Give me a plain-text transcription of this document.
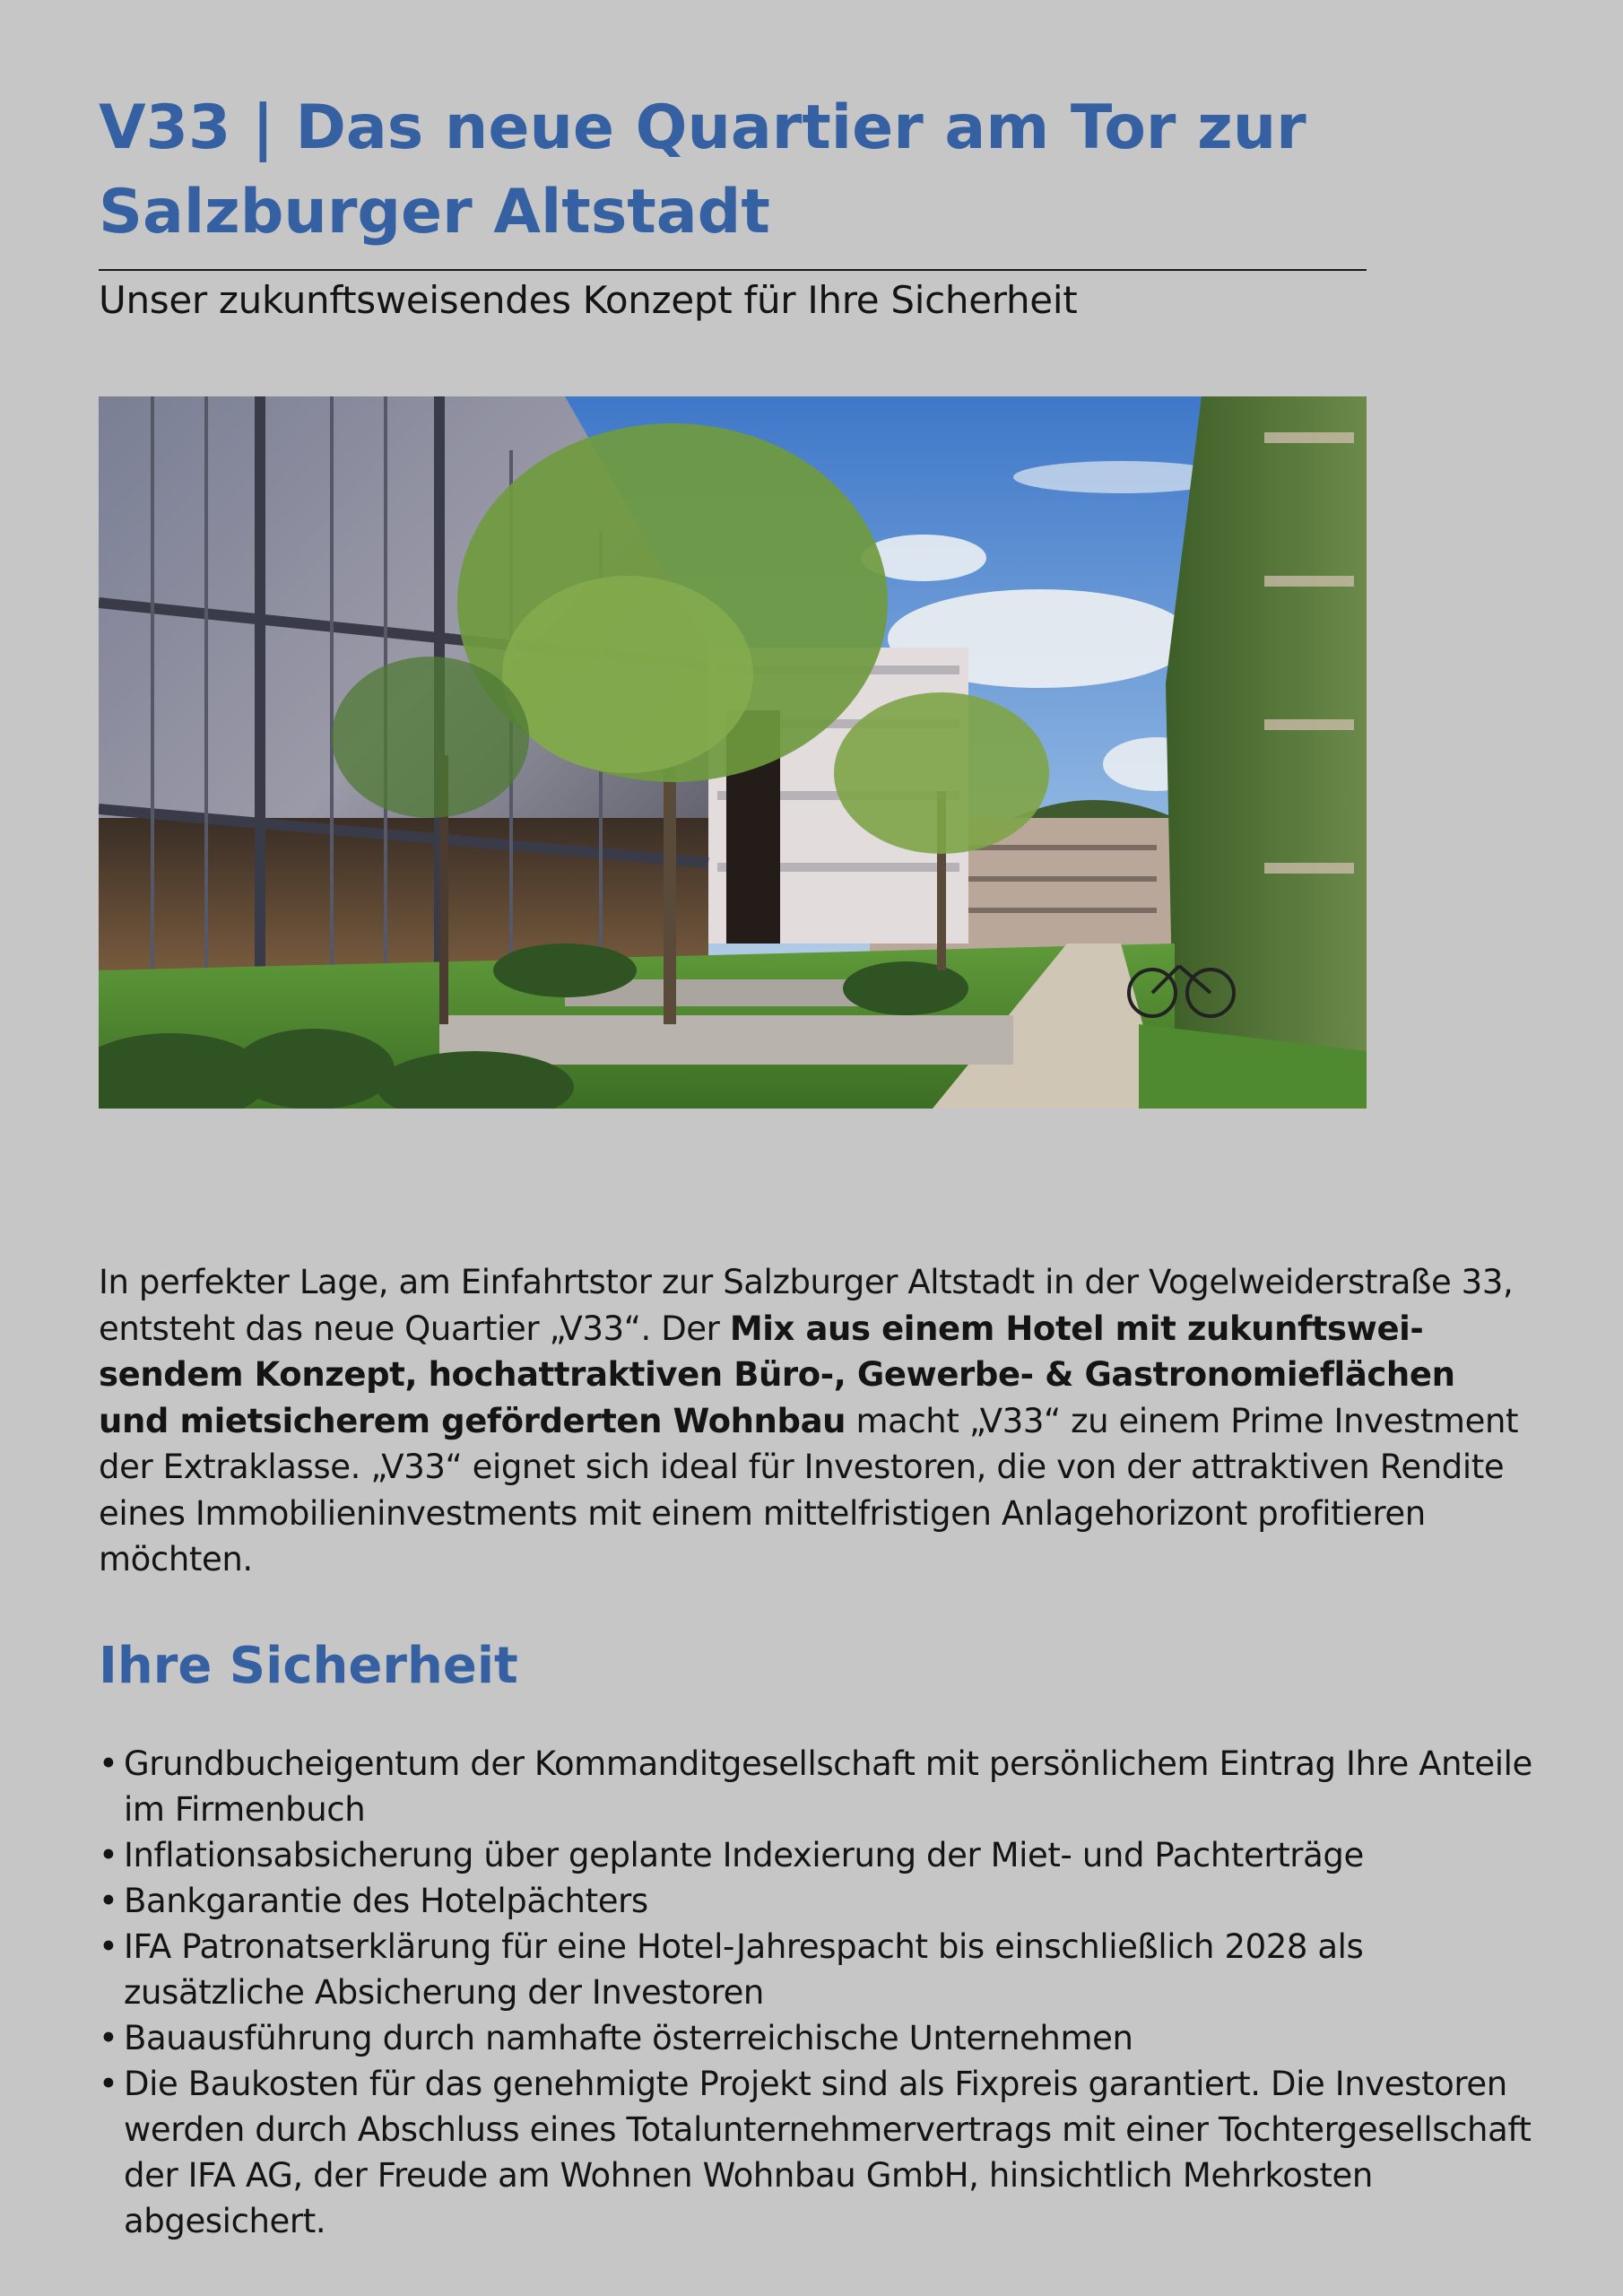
V33 | Das neue Quartier am Tor zur Salzburger Altstadt

Unser zukunftsweisendes Konzept für Ihre Sicherheit

In perfekter Lage, am Einfahrtstor zur Salzburger Altstadt in der Vogelweiderstraße 33, entsteht das neue Quartier „V33“. Der Mix aus einem Hotel mit zukunftsweisendem Konzept, hochattraktiven Büro-, Gewerbe- & Gastronomieflächen und mietsicherem geförderten Wohnbau macht „V33“ zu einem Prime Investment der Extraklasse. „V33“ eignet sich ideal für Investoren, die von der attraktiven Rendite eines Immobilieninvestments mit einem mittelfristigen Anlagehorizont profitieren möchten.

Ihre Sicherheit
• Grundbucheigentum der Kommanditgesellschaft mit persönlichem Eintrag Ihre Anteile im Firmenbuch
• Inflationsabsicherung über geplante Indexierung der Miet- und Pachterträge
• Bankgarantie des Hotelpächters
• IFA Patronatserklärung für eine Hotel-Jahrespacht bis einschließlich 2028 als zusätzliche Absicherung der Investoren
• Bauausführung durch namhafte österreichische Unternehmen
• Die Baukosten für das genehmigte Projekt sind als Fixpreis garantiert. Die Investoren werden durch Abschluss eines Totalunternehmervertrags mit einer Tochtergesellschaft der IFA AG, der Freude am Wohnen Wohnbau GmbH, hinsichtlich Mehrkosten abgesichert.
